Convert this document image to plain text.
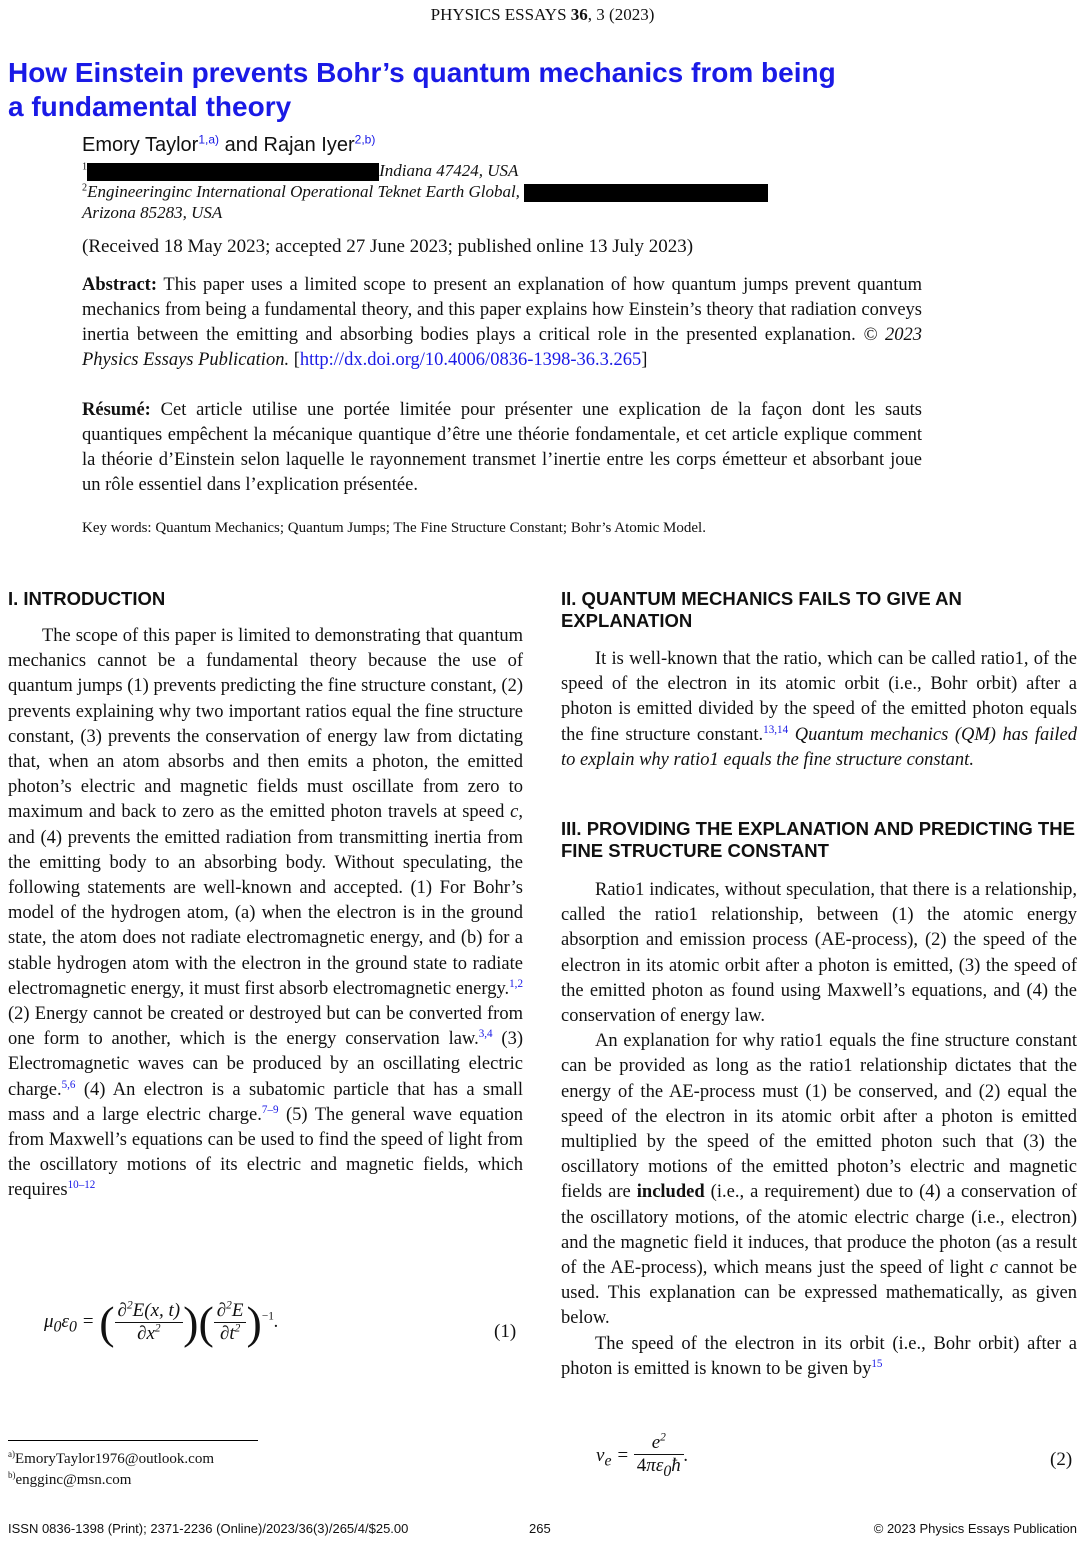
PHYSICS ESSAYS 36, 3 (2023)
How Einstein prevents Bohr’s quantum mechanics from being
a fundamental theory
Emory Taylor$^{1,a)}$ and Rajan Iyer$^{2,b)}$
$^1$	Indiana 47424, USA
$^2$Engineeringinc International Operational Teknet Earth Global,
Arizona 85283, USA
(Received 18 May 2023; accepted 27 June 2023; published online 13 July 2023)
Abstract: This paper uses a limited scope to present an explanation of how quantum jumps prevent quantum mechanics from being a fundamental theory, and this paper explains how Einstein’s theory that radiation conveys inertia between the emitting and absorbing bodies plays a critical role in the presented explanation. © 2023 Physics Essays Publication. [http://dx.doi.org/10.4006/0836-1398-36.3.265]
Résumé: Cet article utilise une portée limitée pour présenter une explication de la façon dont les sauts quantiques empêchent la mécanique quantique d’être une théorie fondamentale, et cet article explique comment la théorie d’Einstein selon laquelle le rayonnement transmet l’inertie entre les corps émetteur et absorbant joue un rôle essentiel dans l’explication présentée.
Key words: Quantum Mechanics; Quantum Jumps; The Fine Structure Constant; Bohr’s Atomic Model.
I. INTRODUCTION

The scope of this paper is limited to demonstrating that quantum mechanics cannot be a fundamental theory because the use of quantum jumps (1) prevents predicting the fine structure constant, (2) prevents explaining why two important ratios equal the fine structure constant, (3) prevents the conservation of energy law from dictating that, when an atom absorbs and then emits a photon, the emitted photon’s electric and magnetic fields must oscillate from zero to maximum and back to zero as the emitted photon travels at speed c, and (4) prevents the emitted radiation from transmitting inertia from the emitting body to an absorbing body. Without speculating, the following statements are well-known and accepted. (1) For Bohr’s model of the hydrogen atom, (a) when the electron is in the ground state, the atom does not radiate electromagnetic energy, and (b) for a stable hydrogen atom with the electron in the ground state to radiate electromagnetic energy, it must first absorb electromagnetic energy.$^{1,2}$ (2) Energy cannot be created or destroyed but can be converted from one form to another, which is the energy conservation law.$^{3,4}$ (3) Electromagnetic waves can be produced by an oscillating electric charge.$^{5,6}$ (4) An electron is a subatomic particle that has a small mass and a large electric charge.$^{7-9}$ (5) The general wave equation from Maxwell’s equations can be used to find the speed of light from the oscillatory motions of its electric and magnetic fields, which requires$^{10-12}$

$\mu_0\varepsilon_0$ = ( $\frac{\partial^2E(x, t)}{\partial x^2}$ )( $\frac{\partial^2E}{\partial t^2} )^{-1}$.	(1)
$^{a)}$EmoryTaylor1976@outlook.com
$^{b)}$engginc@msn.com
II. QUANTUM MECHANICS FAILS TO GIVE AN EXPLANATION

It is well-known that the ratio, which can be called ratio1, of the speed of the electron in its atomic orbit (i.e., Bohr orbit) after a photon is emitted divided by the speed of the emitted photon equals the fine structure constant.$^{13,14}$ Quantum mechanics (QM) has failed to explain why ratio1 equals the fine structure constant.

III. PROVIDING THE EXPLANATION AND PREDICTING THE FINE STRUCTURE CONSTANT

Ratio1 indicates, without speculation, that there is a relationship, called the ratio1 relationship, between (1) the atomic energy absorption and emission process (AE-process), (2) the speed of the electron in its atomic orbit after a photon is emitted, (3) the speed of the emitted photon as found using Maxwell’s equations, and (4) the conservation of energy law.

An explanation for why ratio1 equals the fine structure constant can be provided as long as the ratio1 relationship dictates that the energy of the AE-process must (1) be conserved, and (2) equal the speed of the electron in its atomic orbit after a photon is emitted multiplied by the speed of the emitted photon such that (3) the oscillatory motions of the emitted photon’s electric and magnetic fields are included (i.e., a requirement) due to (4) a conservation of the oscillatory motions, of the atomic electric charge (i.e., electron) and the magnetic field it induces, that produce the photon (as a result of the AE-process), which means just the speed of light c cannot be used. This explanation can be expressed mathematically, as given below.

The speed of the electron in its orbit (i.e., Bohr orbit) after a photon is emitted is known to be given $by^{15}$

$v_e = \frac{e^2}{4\pi\varepsilon_0ħ}$ .	(2)
ISSN 0836-1398 (Print); 2371-2236 (Online)/2023/36(3)/265/4/$25.00	265	© 2023 Physics Essays Publication
